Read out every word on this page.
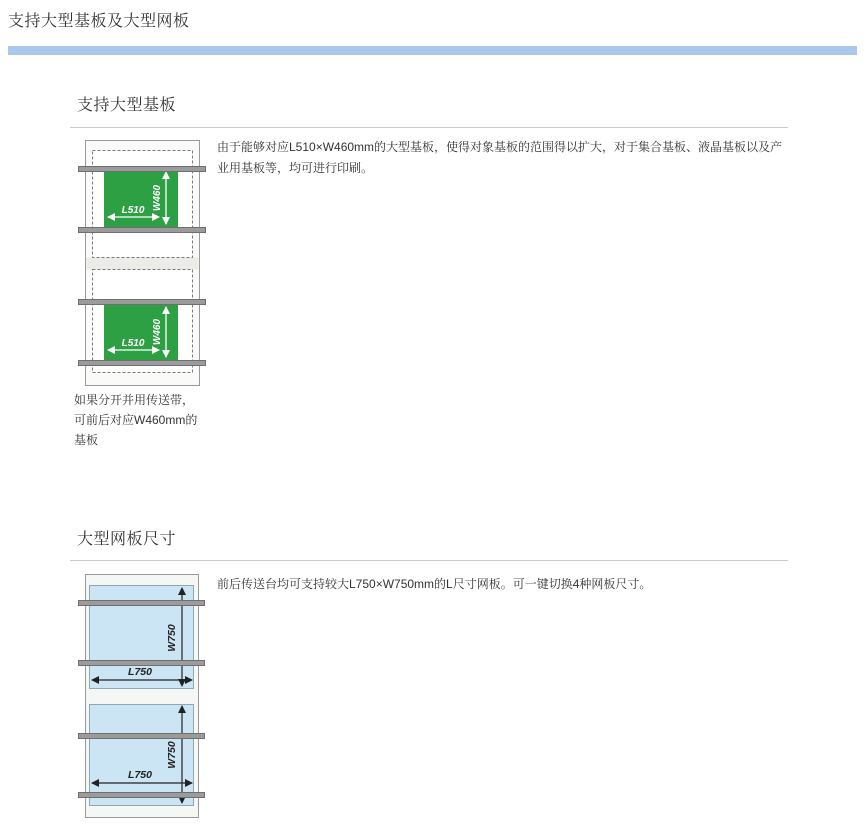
支持大型基板及大型网板
支持大型基板
W460
L510
W460
L510

由于能够对应L510×W460mm的大型基板，使得对象基板的范围得以扩大，对于集合基板、液晶基板以及产业用基板等，均可进行印刷。

如果分开并用传送带，
可前后对应W460mm的
基板
大型网板尺寸
W750
L750
W750
L750

前后传送台均可支持较大L750×W750mm的L尺寸网板。可一键切换4种网板尺寸。
